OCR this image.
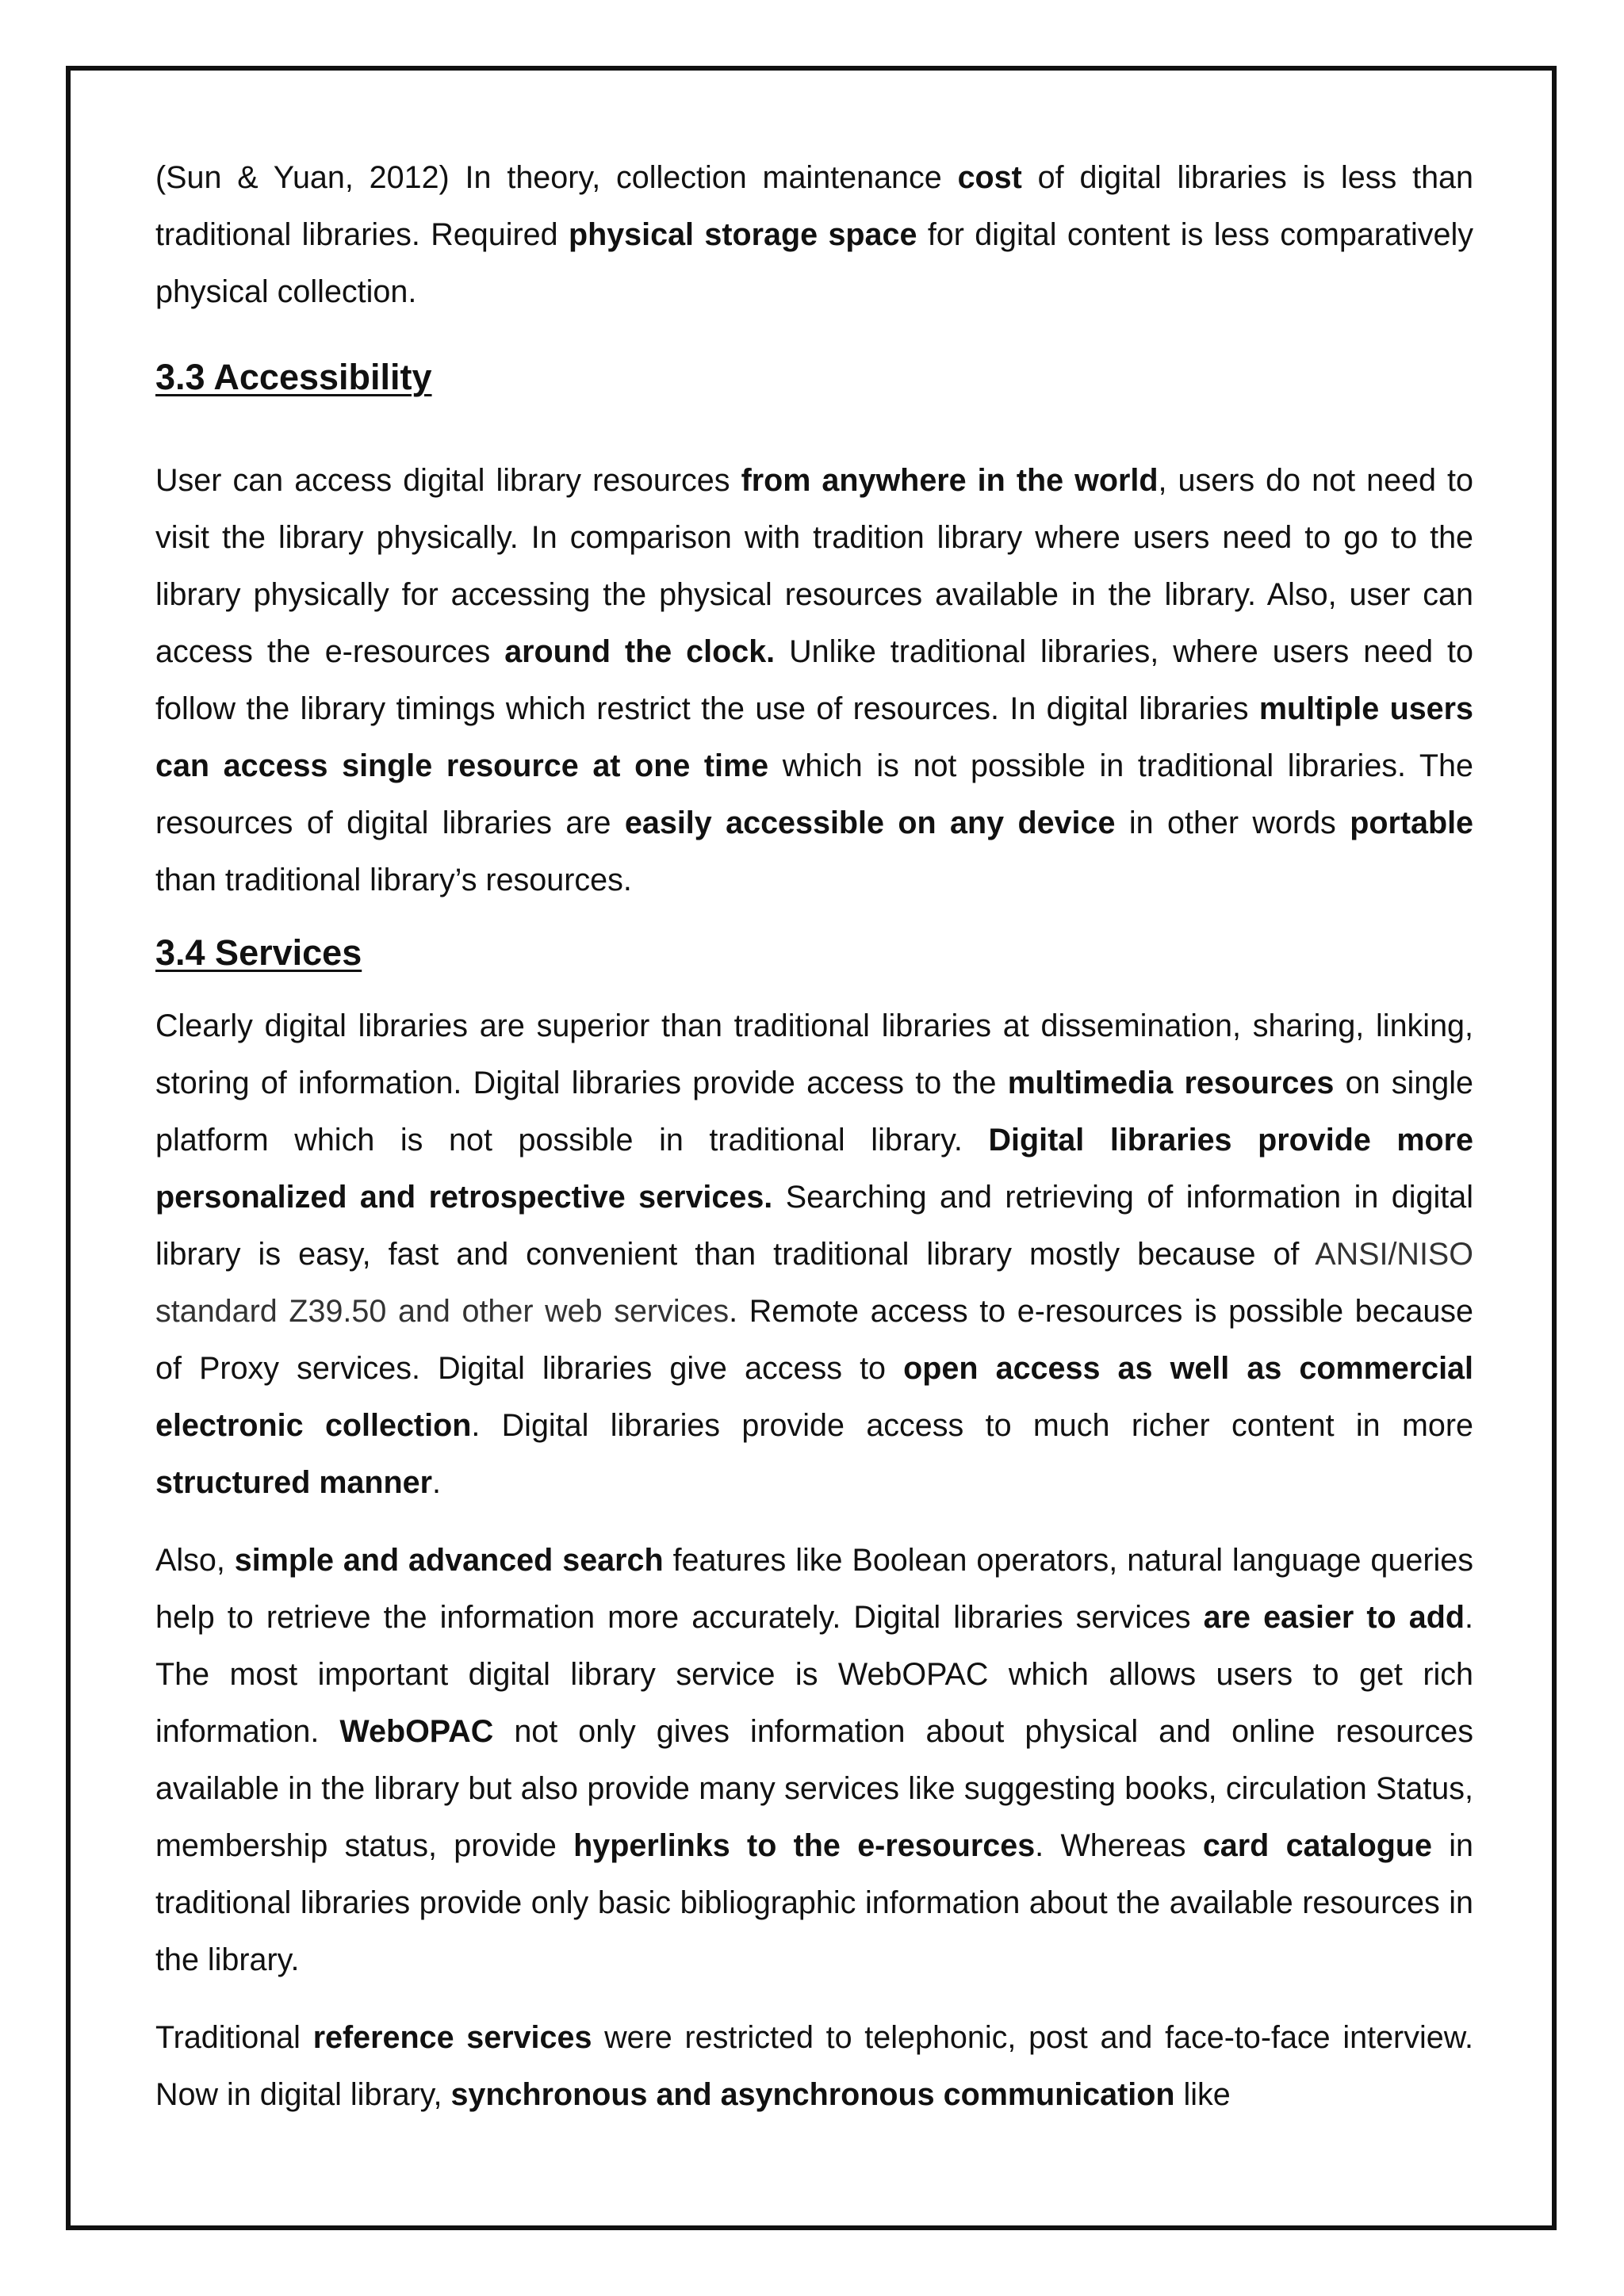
(Sun & Yuan, 2012) In theory, collection maintenance cost of digital libraries is less than traditional libraries. Required physical storage space for digital content is less comparatively physical collection.

3.3 Accessibility

User can access digital library resources from anywhere in the world, users do not need to visit the library physically. In comparison with tradition library where users need to go to the library physically for accessing the physical resources available in the library. Also, user can access the e-resources around the clock. Unlike traditional libraries, where users need to follow the library timings which restrict the use of resources. In digital libraries multiple users can access single resource at one time which is not possible in traditional libraries. The resources of digital libraries are easily accessible on any device in other words portable than traditional library’s resources.

3.4 Services

Clearly digital libraries are superior than traditional libraries at dissemination, sharing, linking, storing of information. Digital libraries provide access to the multimedia resources on single platform which is not possible in traditional library. Digital libraries provide more personalized and retrospective services. Searching and retrieving of information in digital library is easy, fast and convenient than traditional library mostly because of ANSI/NISO standard Z39.50 and other web services. Remote access to e-resources is possible because of Proxy services. Digital libraries give access to open access as well as commercial electronic collection. Digital libraries provide access to much richer content in more structured manner.

Also, simple and advanced search features like Boolean operators, natural language queries help to retrieve the information more accurately. Digital libraries services are easier to add. The most important digital library service is WebOPAC which allows users to get rich information. WebOPAC not only gives information about physical and online resources available in the library but also provide many services like suggesting books, circulation Status, membership status, provide hyperlinks to the e-resources. Whereas card catalogue in traditional libraries provide only basic bibliographic information about the available resources in the library.

Traditional reference services were restricted to telephonic, post and face-to-face interview. Now in digital library, synchronous and asynchronous communication like
